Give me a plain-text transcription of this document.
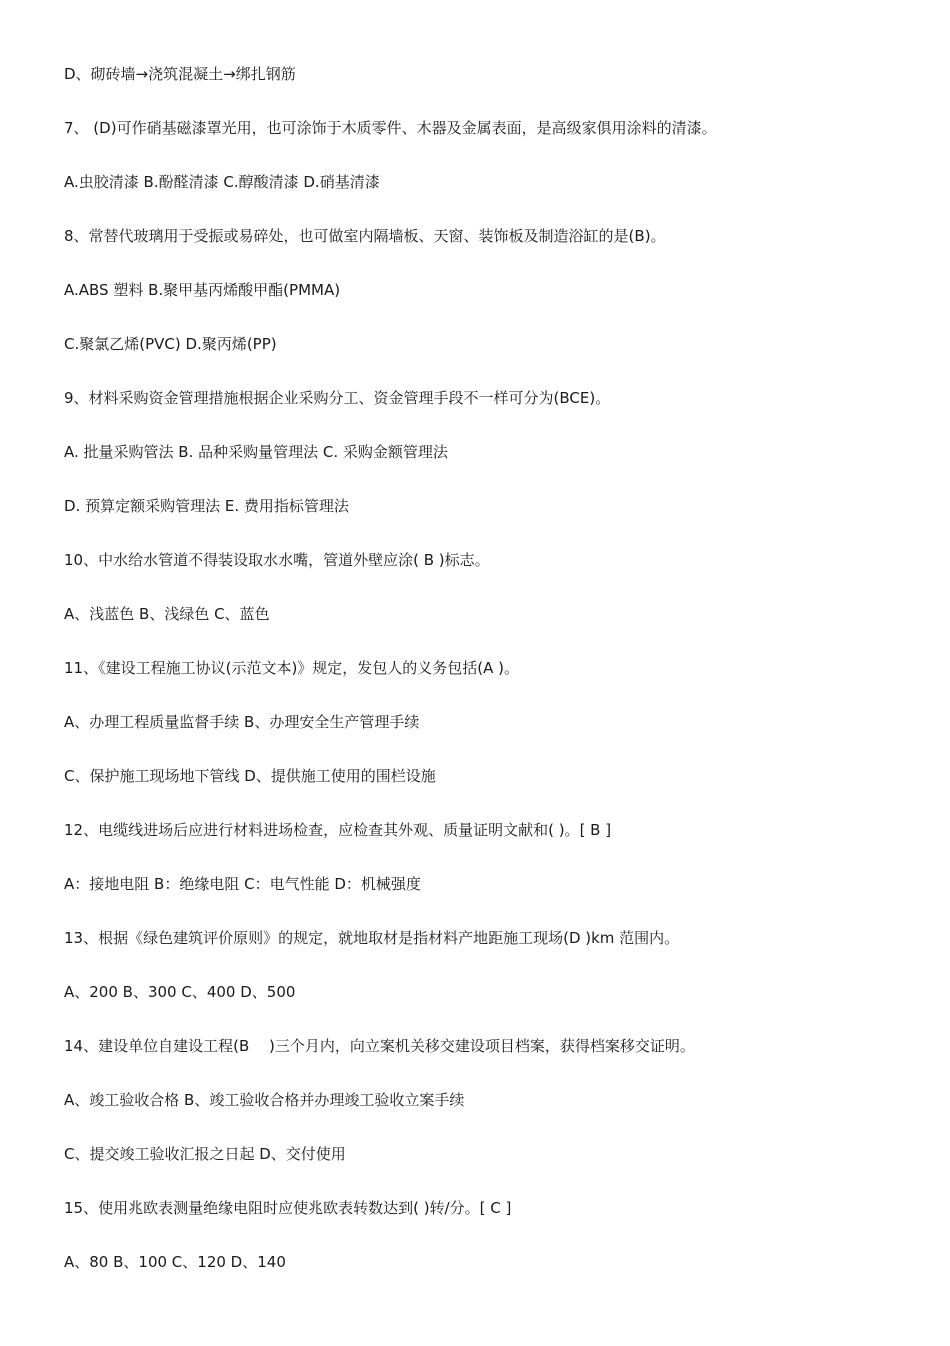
D、砌砖墙→浇筑混凝土→绑扎钢筋
7、 (D)可作硝基磁漆罩光用，也可涂饰于木质零件、木器及金属表面，是高级家俱用涂料的清漆。
A.虫胶清漆 B.酚醛清漆 C.醇酸清漆 D.硝基清漆
8、常替代玻璃用于受振或易碎处，也可做室内隔墙板、天窗、装饰板及制造浴缸的是(B)。
A.ABS 塑料 B.聚甲基丙烯酸甲酯(PMMA)
C.聚氯乙烯(PVC) D.聚丙烯(PP)
9、材料采购资金管理措施根据企业采购分工、资金管理手段不一样可分为(BCE)。
A. 批量采购管法 B. 品种采购量管理法 C. 采购金额管理法
D. 预算定额采购管理法 E. 费用指标管理法
10、中水给水管道不得装设取水水嘴，管道外壁应涂( B )标志。
A、浅蓝色 B、浅绿色 C、蓝色
11、《建设工程施工协议(示范文本)》规定，发包人的义务包括(A )。
A、办理工程质量监督手续 B、办理安全生产管理手续
C、保护施工现场地下管线 D、提供施工使用的围栏设施
12、电缆线进场后应进行材料进场检查，应检查其外观、质量证明文献和( )。[ B ]
A：接地电阻 B：绝缘电阻 C：电气性能 D：机械强度
13、根据《绿色建筑评价原则》的规定，就地取材是指材料产地距施工现场(D )km 范围内。
A、200 B、300 C、400 D、500
14、建设单位自建设工程(B  )三个月内，向立案机关移交建设项目档案，获得档案移交证明。
A、竣工验收合格 B、竣工验收合格并办理竣工验收立案手续
C、提交竣工验收汇报之日起 D、交付使用
15、使用兆欧表测量绝缘电阻时应使兆欧表转数达到( )转/分。[ C ]
A、80 B、100 C、120 D、140
